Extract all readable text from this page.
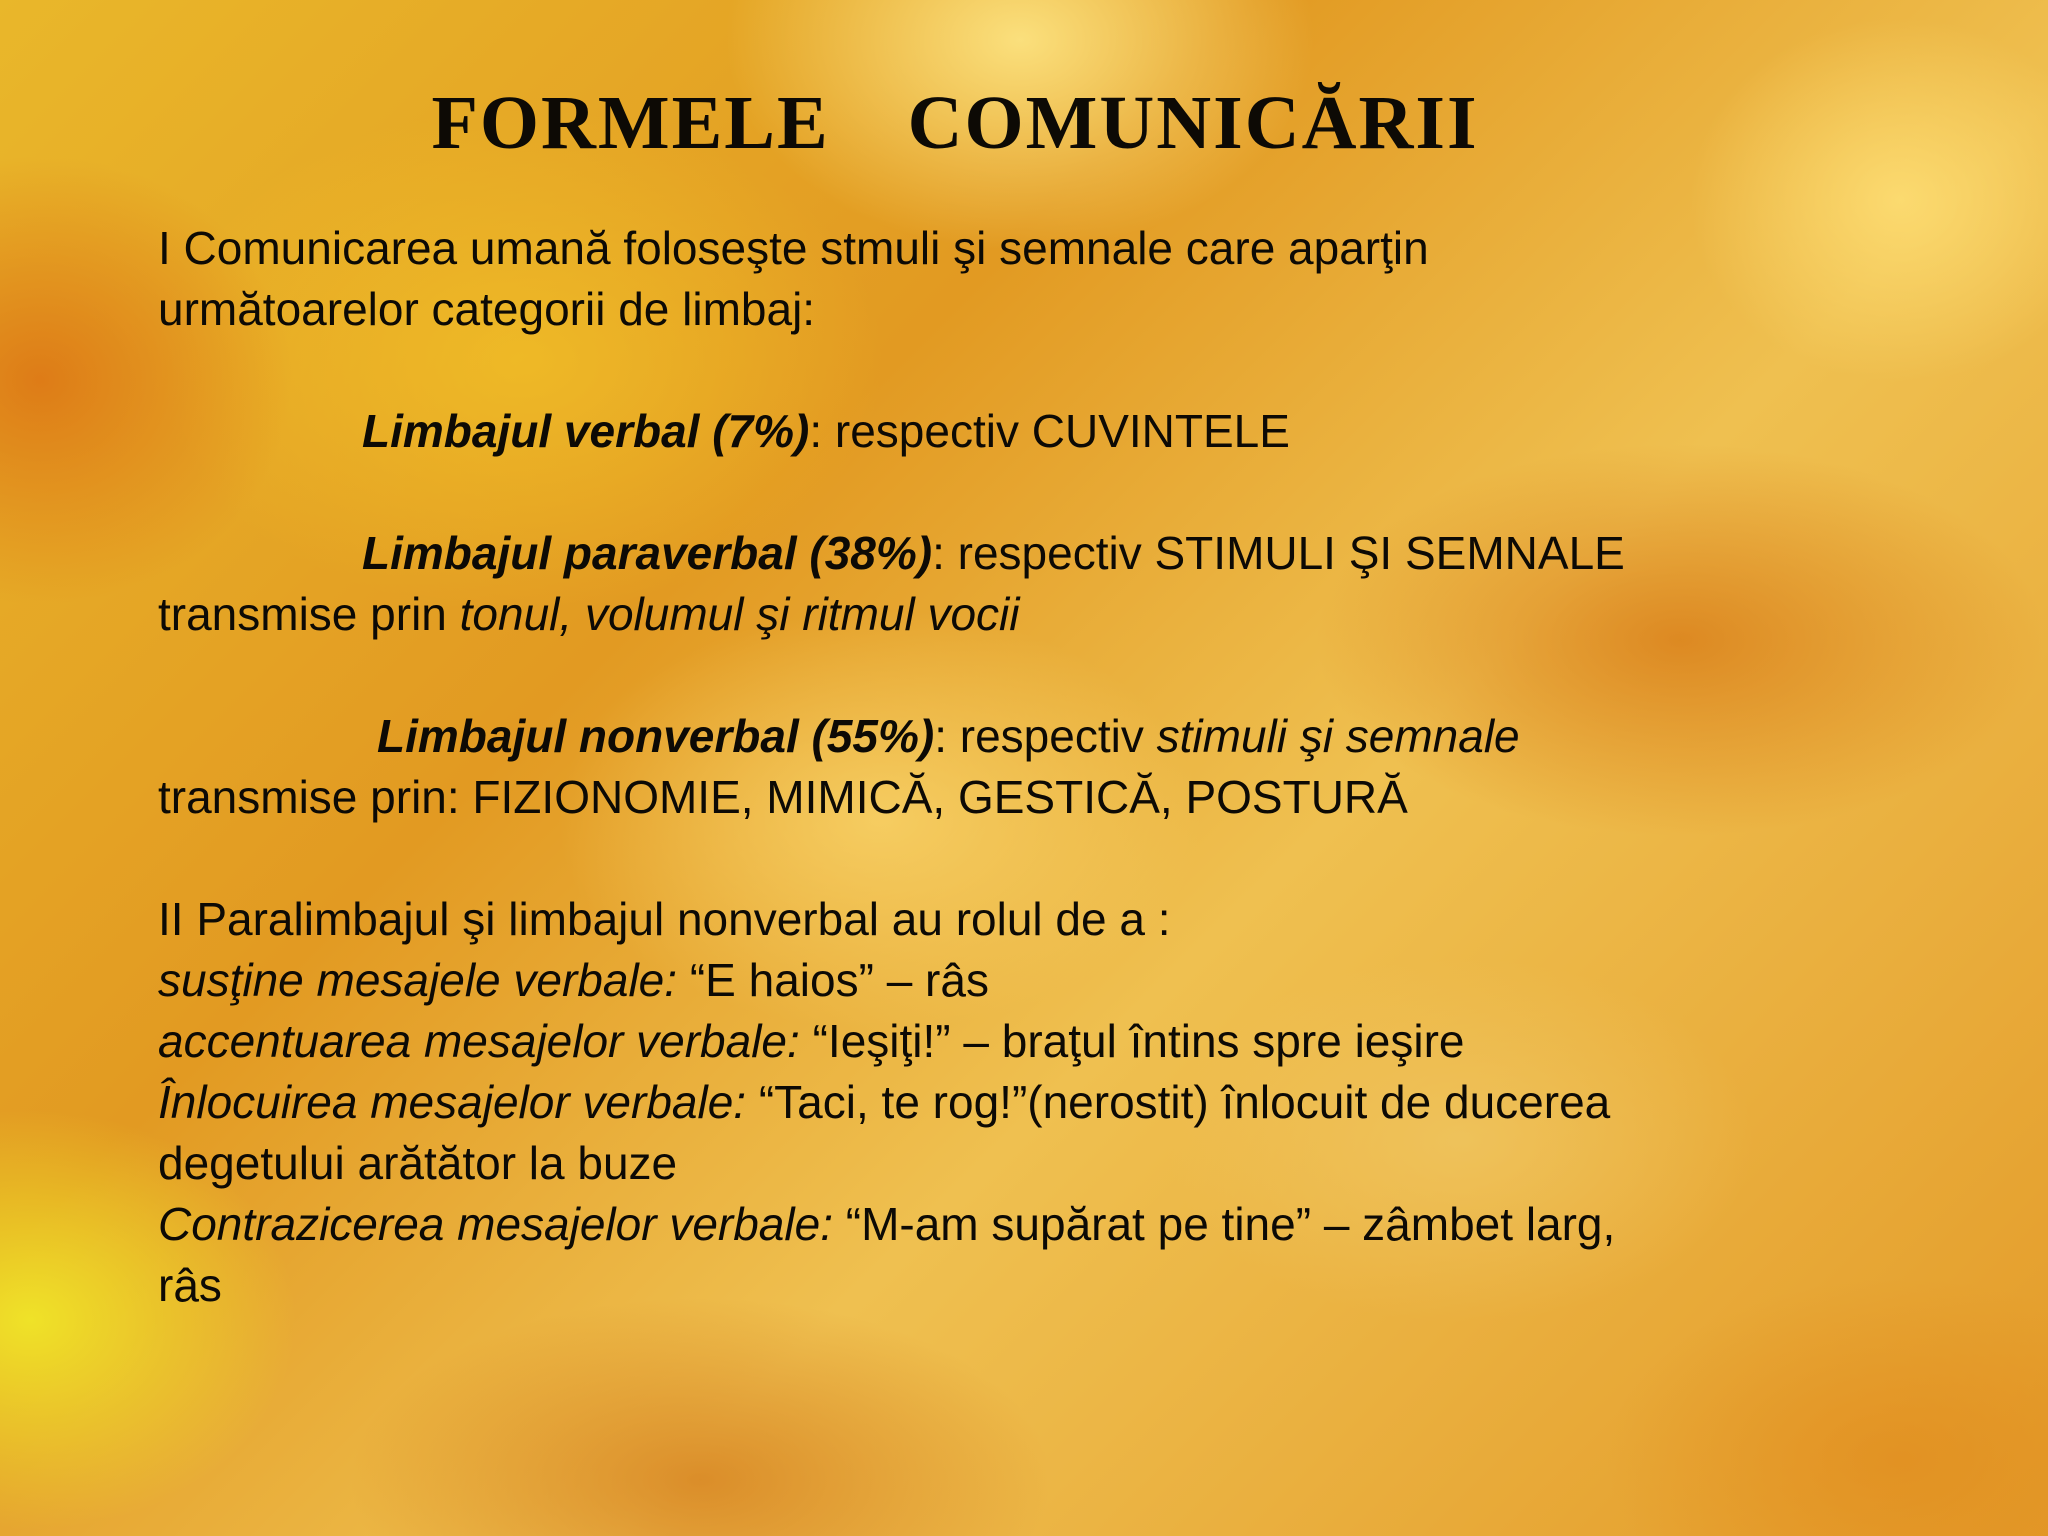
FORMELE  COMUNICĂRII
I Comunicarea umană foloseşte stmuli şi semnale care aparţin
următoarelor categorii de limbaj:
Limbajul verbal (7%): respectiv CUVINTELE
Limbajul paraverbal (38%): respectiv STIMULI ŞI SEMNALE
transmise prin tonul, volumul şi ritmul vocii
Limbajul nonverbal (55%): respectiv stimuli şi semnale
transmise prin: FIZIONOMIE, MIMICĂ, GESTICĂ, POSTURĂ
II Paralimbajul şi limbajul nonverbal au rolul de a :
susţine mesajele verbale: “E haios” – râs
accentuarea mesajelor verbale: “Ieşiţi!” – braţul întins spre ieşire
Înlocuirea mesajelor verbale: “Taci, te rog!”(nerostit) înlocuit de ducerea
degetului arătător la buze
Contrazicerea mesajelor verbale: “M-am supărat pe tine” – zâmbet larg,
râs
